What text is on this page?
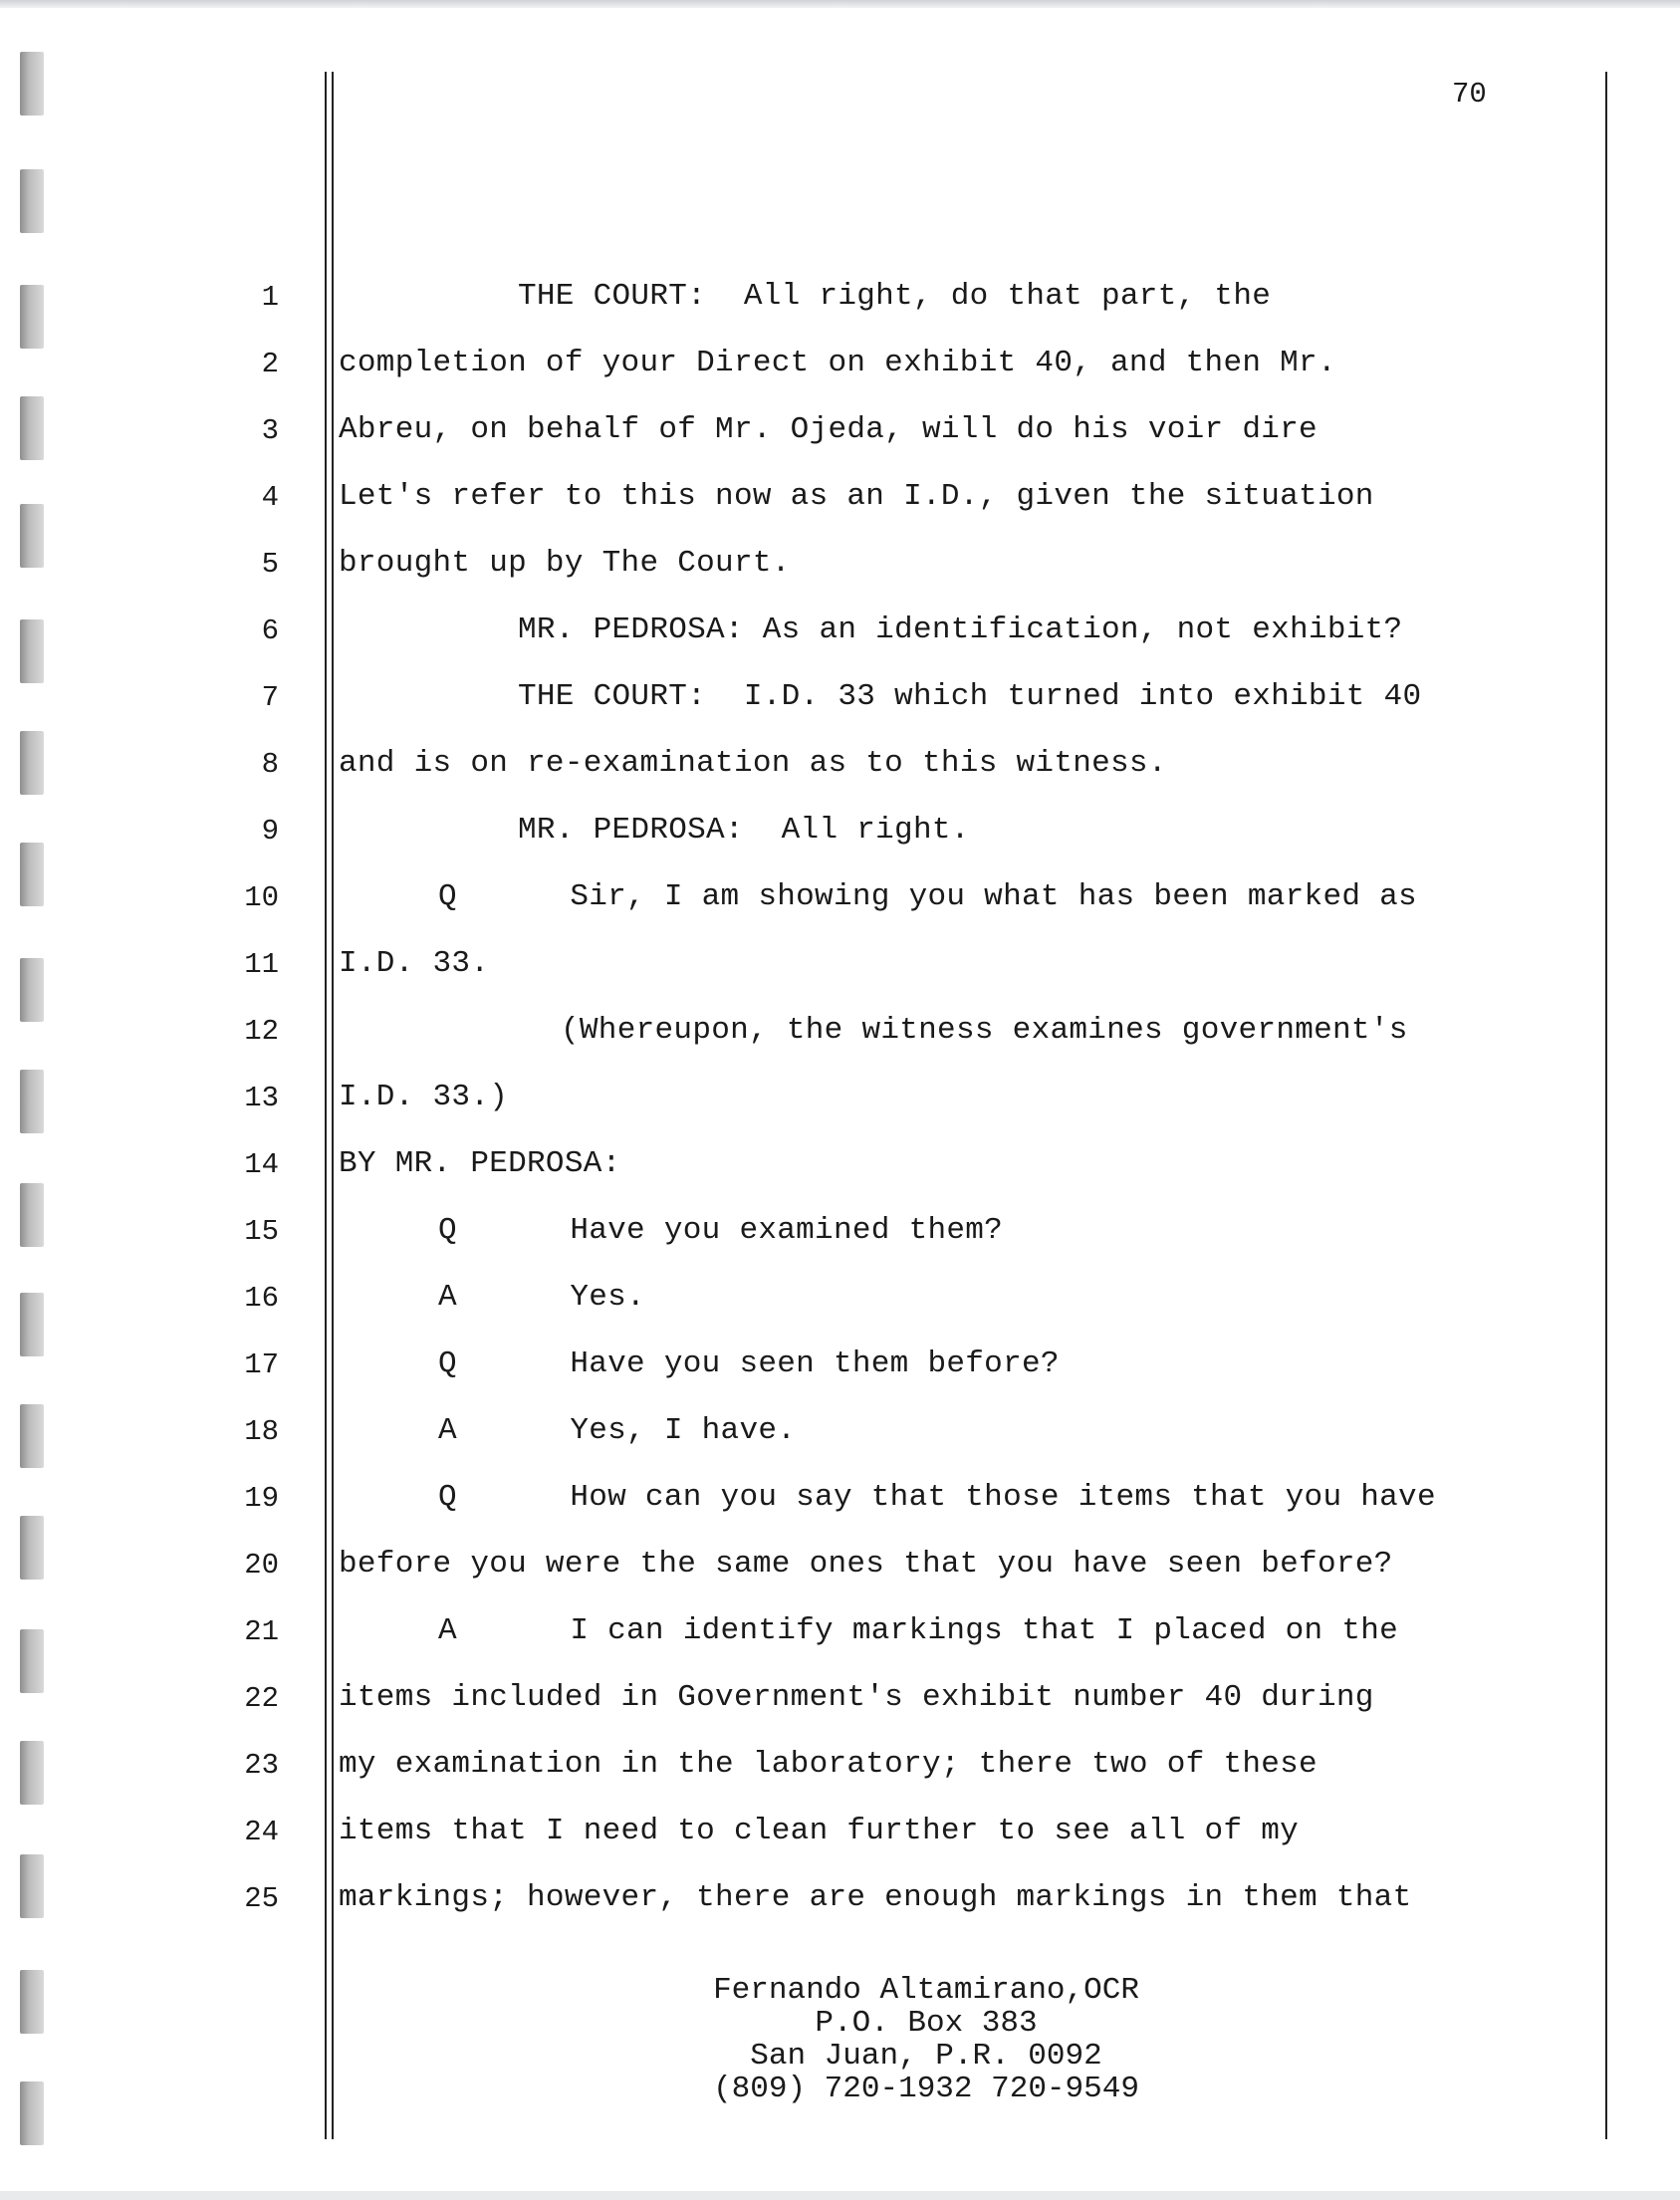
70
1	THE COURT:  All right, do that part, the
2 completion of your Direct on exhibit 40, and then Mr.
3 Abreu, on behalf of Mr. Ojeda, will do his voir dire
4 Let's refer to this now as an I.D., given the situation
5 brought up by The Court.
6	MR. PEDROSA: As an identification, not exhibit?
7	THE COURT:  I.D. 33 which turned into exhibit 40
8 and is on re-examination as to this witness.
9	MR. PEDROSA:  All right.
10	Q      Sir, I am showing you what has been marked as
11 I.D. 33.
12	(Whereupon, the witness examines government's
13 I.D. 33.)
14 BY MR. PEDROSA:
15	Q      Have you examined them?
16	A      Yes.
17	Q      Have you seen them before?
18	A      Yes, I have.
19	Q      How can you say that those items that you have
20 before you were the same ones that you have seen before?
21	A      I can identify markings that I placed on the
22 items included in Government's exhibit number 40 during
23 my examination in the laboratory; there two of these
24 items that I need to clean further to see all of my
25 markings; however, there are enough markings in them that
Fernando Altamirano,OCR
P.O. Box 383
San Juan, P.R. 0092
(809) 720-1932 720-9549
